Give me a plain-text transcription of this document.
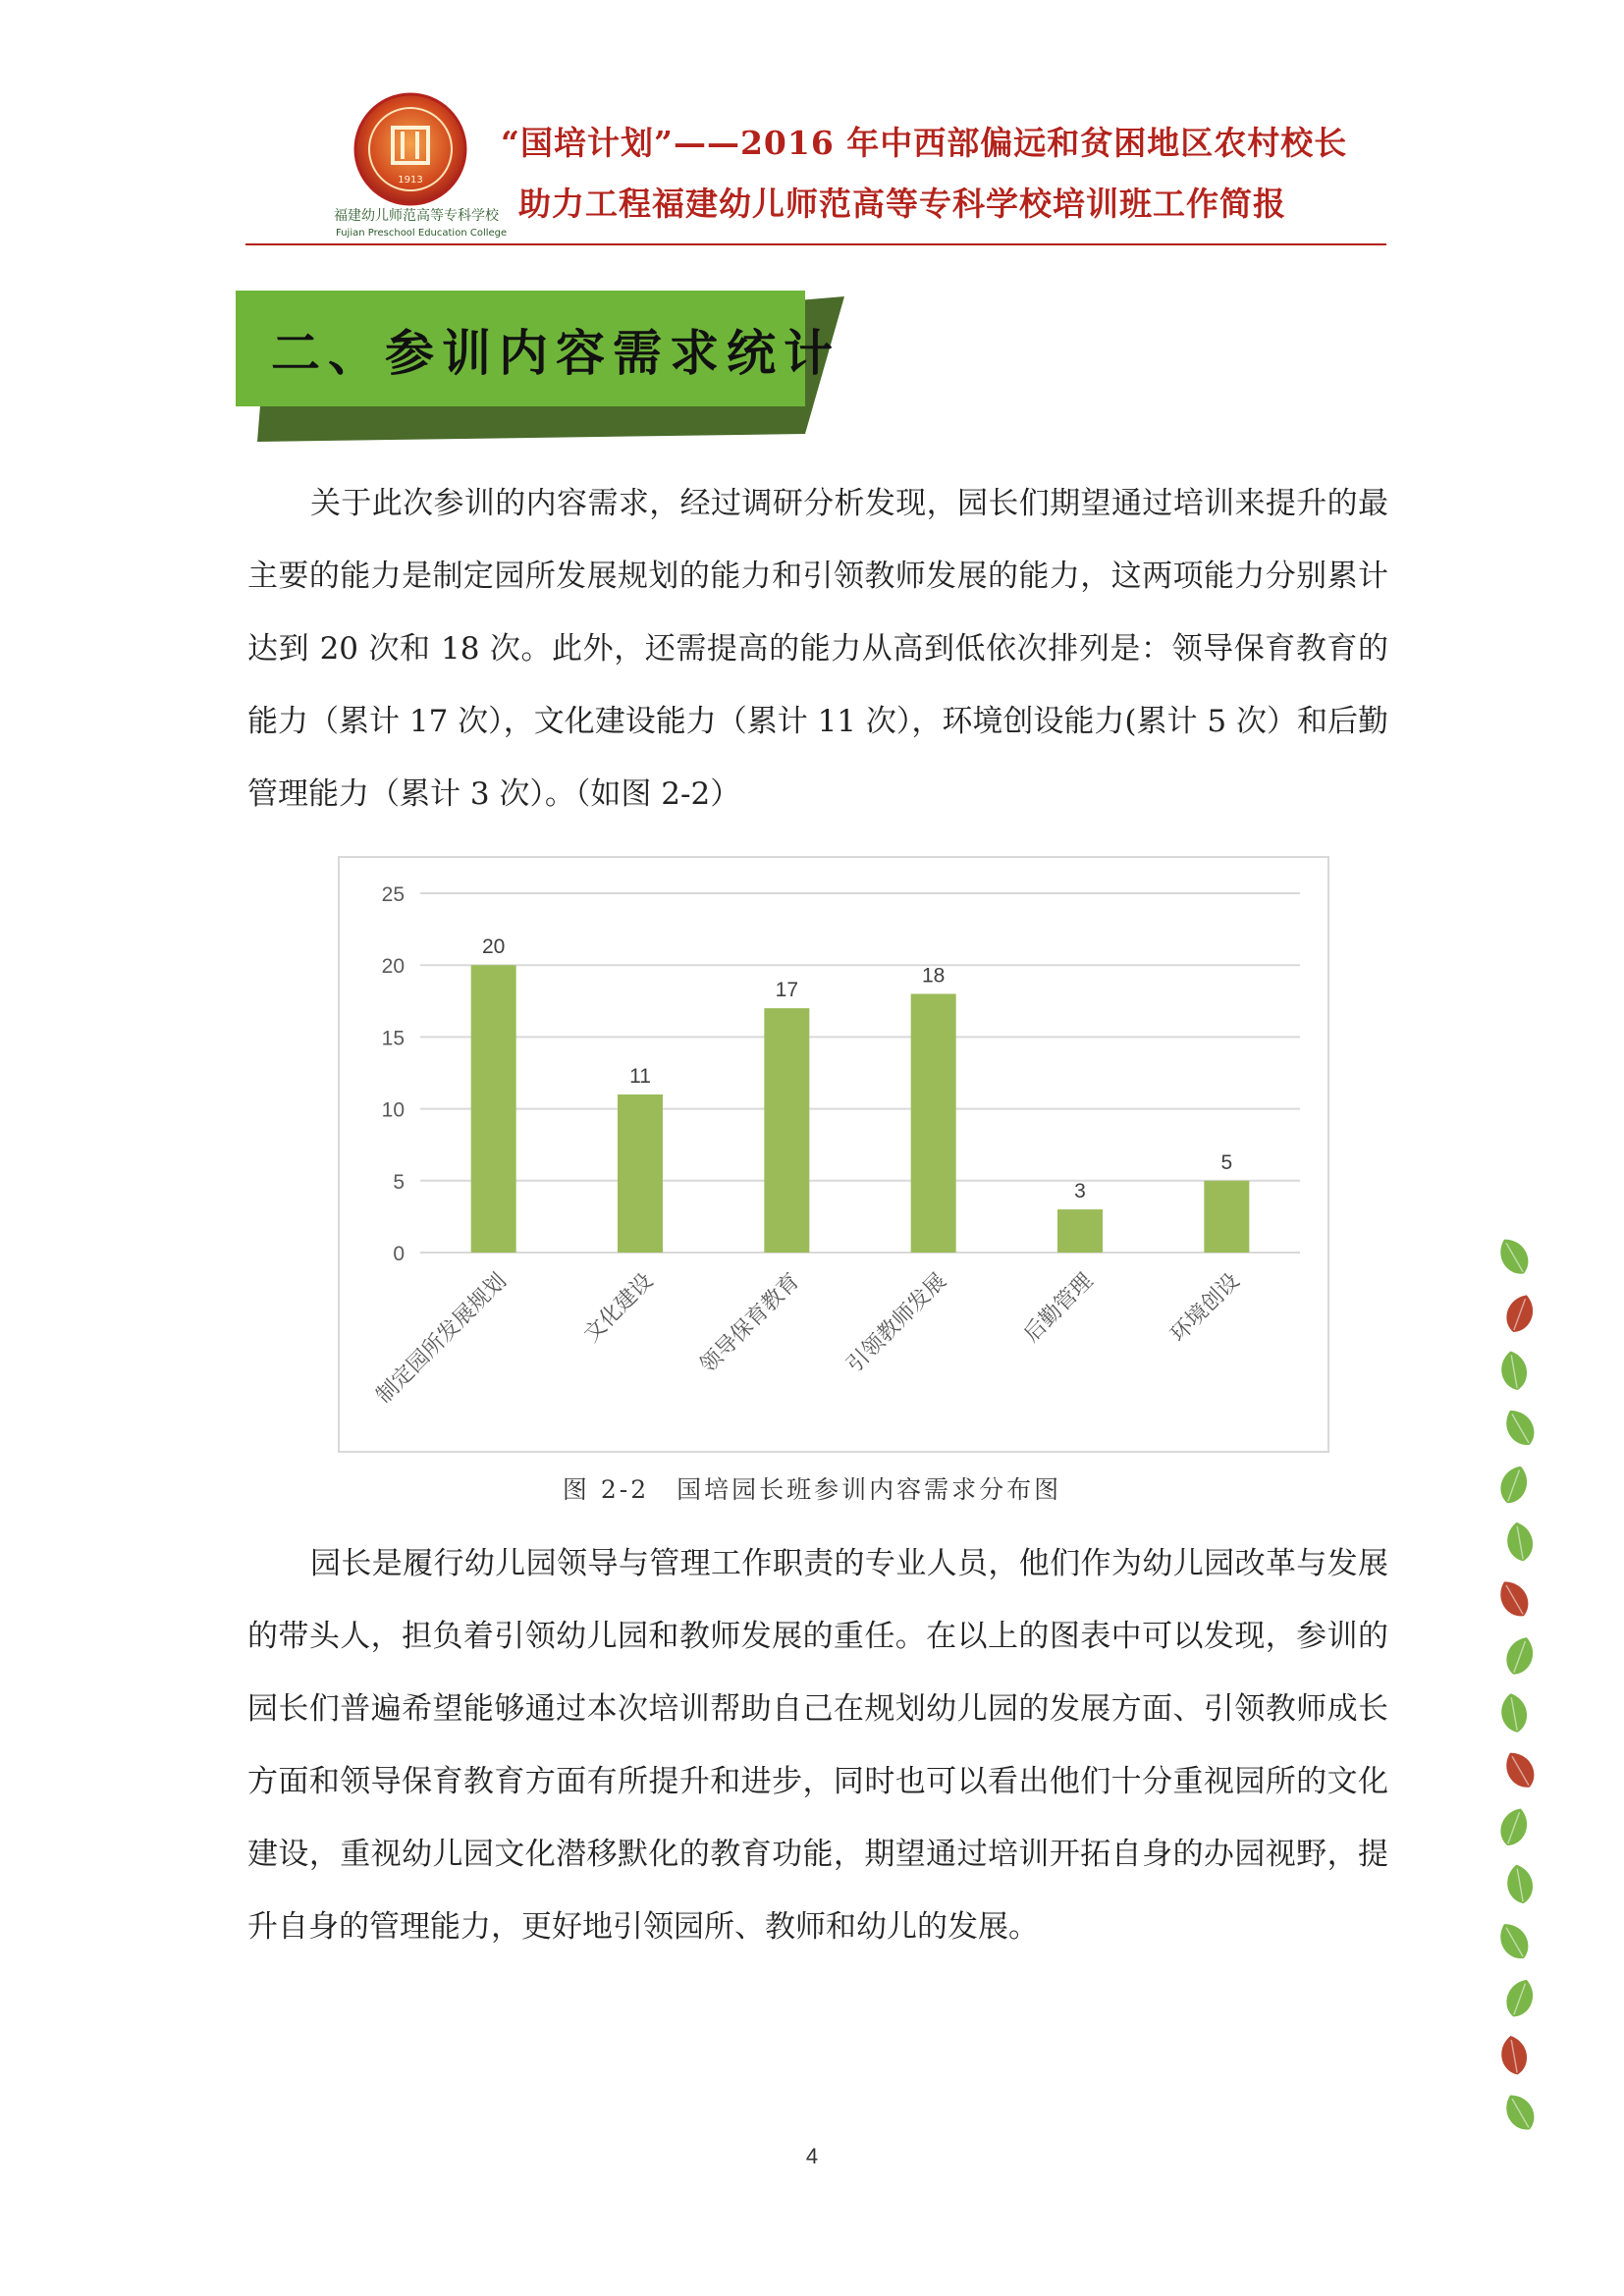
1913
福建幼儿师范高等专科学校
Fujian Preschool Education College
“国培计划”——2016 年中西部偏远和贫困地区农村校长
助力工程福建幼儿师范高等专科学校培训班工作简报
二、参训内容需求统计

关于此次参训的内容需求，经过调研分析发现，园长们期望通过培训来提升的最主要的能力是制定园所发展规划的能力和引领教师发展的能力，这两项能力分别累计达到 20 次和 18 次。此外，还需提高的能力从高到低依次排列是：领导保育教育的能力（累计 17 次），文化建设能力（累计 11 次），环境创设能力(累计 5 次）和后勤管理能力（累计 3 次）。（如图 2-2）

0
5
10
15
20
25
20
制定园所发展规划
11
文化建设
17
领导保育教育
18
引领教师发展
3
后勤管理
5
环境创设
图 2-2　国培园长班参训内容需求分布图

园长是履行幼儿园领导与管理工作职责的专业人员，他们作为幼儿园改革与发展的带头人，担负着引领幼儿园和教师发展的重任。在以上的图表中可以发现，参训的园长们普遍希望能够通过本次培训帮助自己在规划幼儿园的发展方面、引领教师成长方面和领导保育教育方面有所提升和进步，同时也可以看出他们十分重视园所的文化建设，重视幼儿园文化潜移默化的教育功能，期望通过培训开拓自身的办园视野，提升自身的管理能力，更好地引领园所、教师和幼儿的发展。

4
